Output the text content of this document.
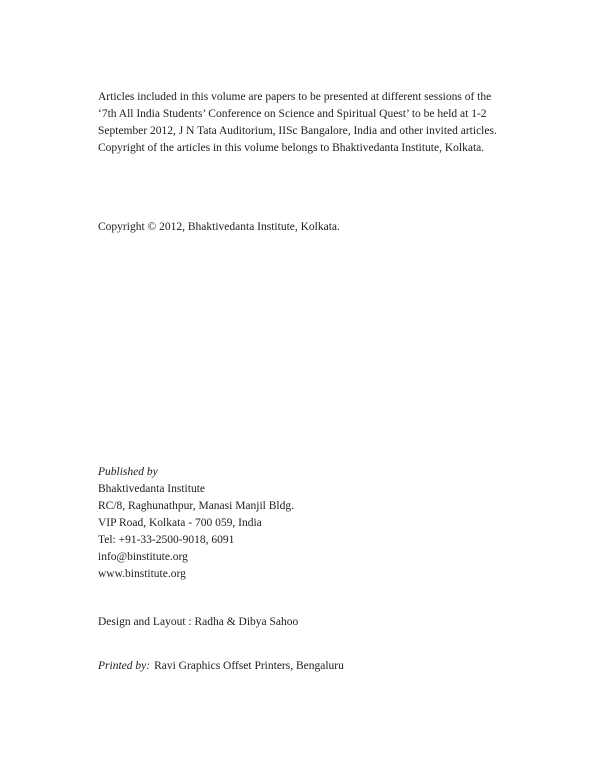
Articles included in this volume are papers to be presented at different sessions of the
‘7th All India Students’ Conference on Science and Spiritual Quest’ to be held at 1-2
September 2012, J N Tata Auditorium, IISc Bangalore, India and other invited articles.
Copyright of the articles in this volume belongs to Bhaktivedanta Institute, Kolkata.
Copyright © 2012, Bhaktivedanta Institute, Kolkata.
Published by
Bhaktivedanta Institute
RC/8, Raghunathpur, Manasi Manjil Bldg.
VIP Road, Kolkata - 700 059, India
Tel: +91-33-2500-9018, 6091
info@binstitute.org
www.binstitute.org
Design and Layout : Radha & Dibya Sahoo
Printed by: Ravi Graphics Offset Printers, Bengaluru
